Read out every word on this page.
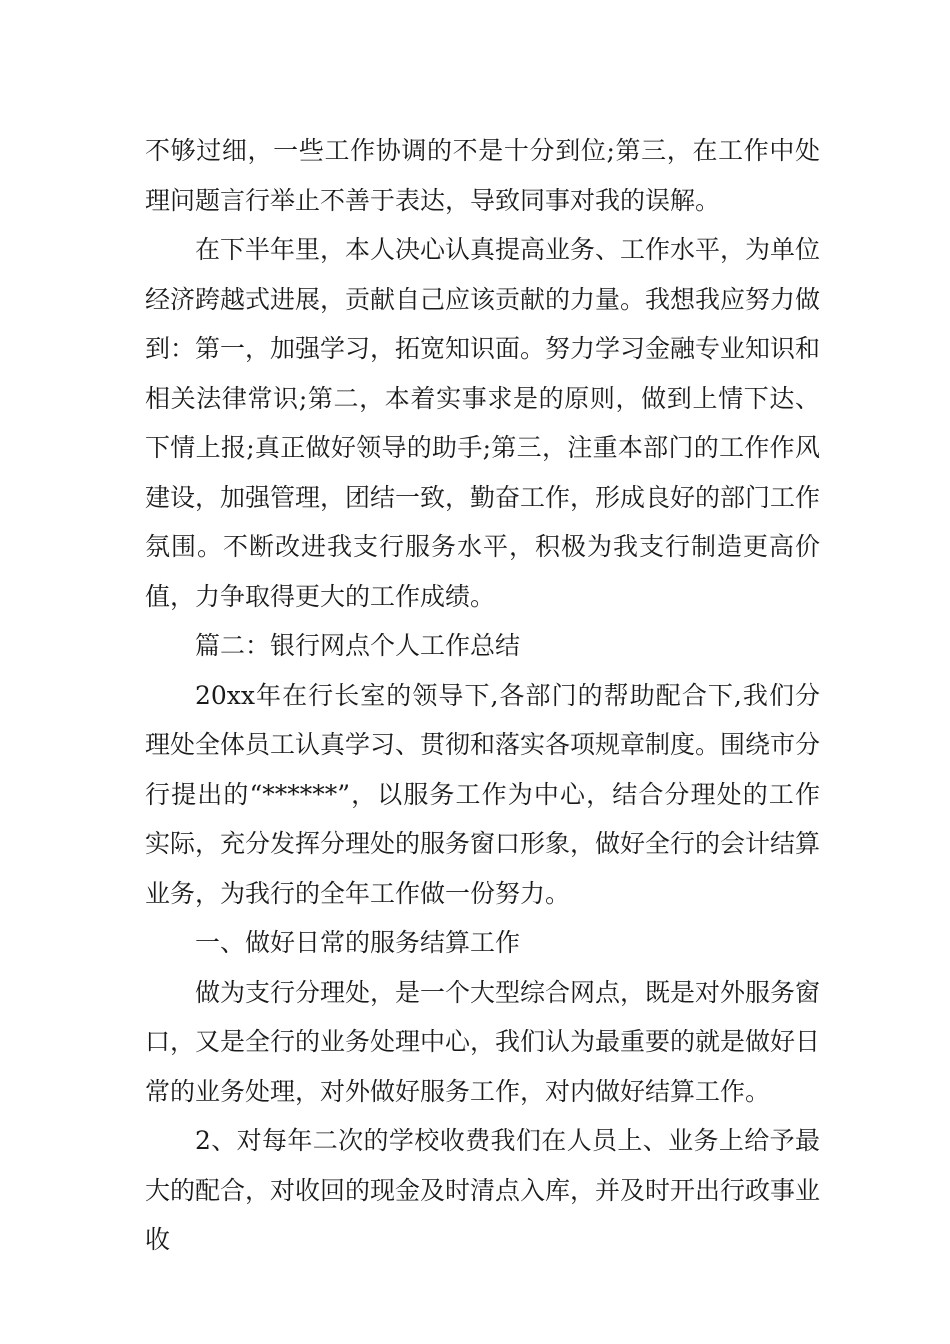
不够过细，一些工作协调的不是十分到位;第三，在工作中处理问题言行举止不善于表达，导致同事对我的误解。

在下半年里，本人决心认真提高业务、工作水平，为单位经济跨越式进展，贡献自己应该贡献的力量。我想我应努力做到：第一，加强学习，拓宽知识面。努力学习金融专业知识和相关法律常识;第二，本着实事求是的原则，做到上情下达、下情上报;真正做好领导的助手;第三，注重本部门的工作作风建设，加强管理，团结一致，勤奋工作，形成良好的部门工作氛围。不断改进我支行服务水平，积极为我支行制造更高价值，力争取得更大的工作成绩。

篇二：银行网点个人工作总结

20xx年在行长室的领导下,各部门的帮助配合下,我们分理处全体员工认真学习、贯彻和落实各项规章制度。围绕市分行提出的“******”，以服务工作为中心，结合分理处的工作实际，充分发挥分理处的服务窗口形象，做好全行的会计结算业务，为我行的全年工作做一份努力。

一、做好日常的服务结算工作

做为支行分理处，是一个大型综合网点，既是对外服务窗口，又是全行的业务处理中心，我们认为最重要的就是做好日常的业务处理，对外做好服务工作，对内做好结算工作。

2、对每年二次的学校收费我们在人员上、业务上给予最大的配合，对收回的现金及时清点入库，并及时开出行政事业收
